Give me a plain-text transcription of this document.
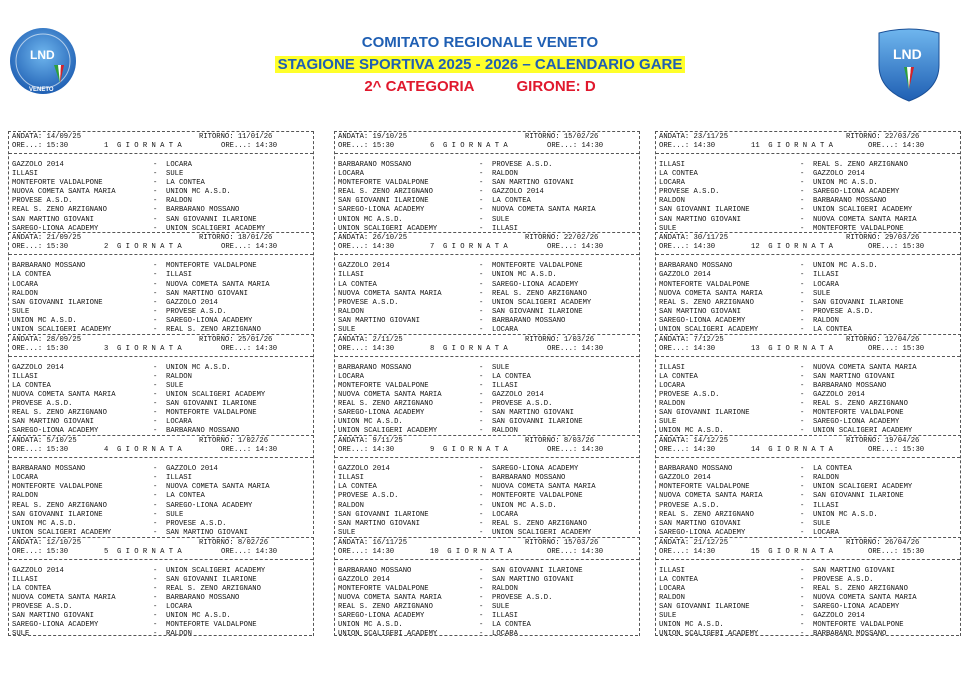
LND
VENETO
LND
COMITATO REGIONALE VENETO
STAGIONE SPORTIVA 2025 - 2026 – CALENDARIO GARE
2^ CATEGORIA	GIRONE: D
ANDATA: 14/09/25	RITORNO: 11/01/26
ORE...: 15:30	1 G I O R N A T A	ORE...: 14:30
GAZZOLO 2014	- LOCARA
ILLASI	- SULE
MONTEFORTE VALDALPONE	- LA CONTEA
NUOVA COMETA SANTA MARIA	- UNION MC A.S.D.
PROVESE A.S.D.	- RALDON
REAL S. ZENO ARZIGNANO	- BARBARANO MOSSANO
SAN MARTINO GIOVANI	- SAN GIOVANNI ILARIONE
SAREGO-LIONA ACADEMY	- UNION SCALIGERI ACADEMY
ANDATA: 21/09/25	RITORNO: 18/01/26
ORE...: 15:30	2 G I O R N A T A	ORE...: 14:30
BARBARANO MOSSANO	- MONTEFORTE VALDALPONE
LA CONTEA	- ILLASI
LOCARA	- NUOVA COMETA SANTA MARIA
RALDON	- SAN MARTINO GIOVANI
SAN GIOVANNI ILARIONE	- GAZZOLO 2014
SULE	- PROVESE A.S.D.
UNION MC A.S.D.	- SAREGO-LIONA ACADEMY
UNION SCALIGERI ACADEMY	- REAL S. ZENO ARZIGNANO
ANDATA: 28/09/25	RITORNO: 25/01/26
ORE...: 15:30	3 G I O R N A T A	ORE...: 14:30
GAZZOLO 2014	- UNION MC A.S.D.
ILLASI	- RALDON
LA CONTEA	- SULE
NUOVA COMETA SANTA MARIA	- UNION SCALIGERI ACADEMY
PROVESE A.S.D.	- SAN GIOVANNI ILARIONE
REAL S. ZENO ARZIGNANO	- MONTEFORTE VALDALPONE
SAN MARTINO GIOVANI	- LOCARA
SAREGO-LIONA ACADEMY	- BARBARANO MOSSANO
ANDATA: 5/10/25	RITORNO: 1/02/26
ORE...: 15:30	4 G I O R N A T A	ORE...: 14:30
BARBARANO MOSSANO	- GAZZOLO 2014
LOCARA	- ILLASI
MONTEFORTE VALDALPONE	- NUOVA COMETA SANTA MARIA
RALDON	- LA CONTEA
REAL S. ZENO ARZIGNANO	- SAREGO-LIONA ACADEMY
SAN GIOVANNI ILARIONE	- SULE
UNION MC A.S.D.	- PROVESE A.S.D.
UNION SCALIGERI ACADEMY	- SAN MARTINO GIOVANI
ANDATA: 12/10/25	RITORNO: 8/02/26
ORE...: 15:30	5 G I O R N A T A	ORE...: 14:30
GAZZOLO 2014	- UNION SCALIGERI ACADEMY
ILLASI	- SAN GIOVANNI ILARIONE
LA CONTEA	- REAL S. ZENO ARZIGNANO
NUOVA COMETA SANTA MARIA	- BARBARANO MOSSANO
PROVESE A.S.D.	- LOCARA
SAN MARTINO GIOVANI	- UNION MC A.S.D.
SAREGO-LIONA ACADEMY	- MONTEFORTE VALDALPONE
SULE	- RALDON
ANDATA: 19/10/25	RITORNO: 15/02/26
ORE...: 15:30	6 G I O R N A T A	ORE...: 14:30
BARBARANO MOSSANO	- PROVESE A.S.D.
LOCARA	- RALDON
MONTEFORTE VALDALPONE	- SAN MARTINO GIOVANI
REAL S. ZENO ARZIGNANO	- GAZZOLO 2014
SAN GIOVANNI ILARIONE	- LA CONTEA
SAREGO-LIONA ACADEMY	- NUOVA COMETA SANTA MARIA
UNION MC A.S.D.	- SULE
UNION SCALIGERI ACADEMY	- ILLASI
ANDATA: 26/10/25	RITORNO: 22/02/26
ORE...: 14:30	7 G I O R N A T A	ORE...: 14:30
GAZZOLO 2014	- MONTEFORTE VALDALPONE
ILLASI	- UNION MC A.S.D.
LA CONTEA	- SAREGO-LIONA ACADEMY
NUOVA COMETA SANTA MARIA	- REAL S. ZENO ARZIGNANO
PROVESE A.S.D.	- UNION SCALIGERI ACADEMY
RALDON	- SAN GIOVANNI ILARIONE
SAN MARTINO GIOVANI	- BARBARANO MOSSANO
SULE	- LOCARA
ANDATA: 2/11/25	RITORNO: 1/03/26
ORE...: 14:30	8 G I O R N A T A	ORE...: 14:30
BARBARANO MOSSANO	- SULE
LOCARA	- LA CONTEA
MONTEFORTE VALDALPONE	- ILLASI
NUOVA COMETA SANTA MARIA	- GAZZOLO 2014
REAL S. ZENO ARZIGNANO	- PROVESE A.S.D.
SAREGO-LIONA ACADEMY	- SAN MARTINO GIOVANI
UNION MC A.S.D.	- SAN GIOVANNI ILARIONE
UNION SCALIGERI ACADEMY	- RALDON
ANDATA: 9/11/25	RITORNO: 8/03/26
ORE...: 14:30	9 G I O R N A T A	ORE...: 14:30
GAZZOLO 2014	- SAREGO-LIONA ACADEMY
ILLASI	- BARBARANO MOSSANO
LA CONTEA	- NUOVA COMETA SANTA MARIA
PROVESE A.S.D.	- MONTEFORTE VALDALPONE
RALDON	- UNION MC A.S.D.
SAN GIOVANNI ILARIONE	- LOCARA
SAN MARTINO GIOVANI	- REAL S. ZENO ARZIGNANO
SULE	- UNION SCALIGERI ACADEMY
ANDATA: 16/11/25	RITORNO: 15/03/26
ORE...: 14:30	10 G I O R N A T A	ORE...: 14:30
BARBARANO MOSSANO	- SAN GIOVANNI ILARIONE
GAZZOLO 2014	- SAN MARTINO GIOVANI
MONTEFORTE VALDALPONE	- RALDON
NUOVA COMETA SANTA MARIA	- PROVESE A.S.D.
REAL S. ZENO ARZIGNANO	- SULE
SAREGO-LIONA ACADEMY	- ILLASI
UNION MC A.S.D.	- LA CONTEA
UNION SCALIGERI ACADEMY	- LOCARA
ANDATA: 23/11/25	RITORNO: 22/03/26
ORE...: 14:30	11 G I O R N A T A	ORE...: 14:30
ILLASI	- REAL S. ZENO ARZIGNANO
LA CONTEA	- GAZZOLO 2014
LOCARA	- UNION MC A.S.D.
PROVESE A.S.D.	- SAREGO-LIONA ACADEMY
RALDON	- BARBARANO MOSSANO
SAN GIOVANNI ILARIONE	- UNION SCALIGERI ACADEMY
SAN MARTINO GIOVANI	- NUOVA COMETA SANTA MARIA
SULE	- MONTEFORTE VALDALPONE
ANDATA: 30/11/25	RITORNO: 29/03/26
ORE...: 14:30	12 G I O R N A T A	ORE...: 15:30
BARBARANO MOSSANO	- UNION MC A.S.D.
GAZZOLO 2014	- ILLASI
MONTEFORTE VALDALPONE	- LOCARA
NUOVA COMETA SANTA MARIA	- SULE
REAL S. ZENO ARZIGNANO	- SAN GIOVANNI ILARIONE
SAN MARTINO GIOVANI	- PROVESE A.S.D.
SAREGO-LIONA ACADEMY	- RALDON
UNION SCALIGERI ACADEMY	- LA CONTEA
ANDATA: 7/12/25	RITORNO: 12/04/26
ORE...: 14:30	13 G I O R N A T A	ORE...: 15:30
ILLASI	- NUOVA COMETA SANTA MARIA
LA CONTEA	- SAN MARTINO GIOVANI
LOCARA	- BARBARANO MOSSANO
PROVESE A.S.D.	- GAZZOLO 2014
RALDON	- REAL S. ZENO ARZIGNANO
SAN GIOVANNI ILARIONE	- MONTEFORTE VALDALPONE
SULE	- SAREGO-LIONA ACADEMY
UNION MC A.S.D.	- UNION SCALIGERI ACADEMY
ANDATA: 14/12/25	RITORNO: 19/04/26
ORE...: 14:30	14 G I O R N A T A	ORE...: 15:30
BARBARANO MOSSANO	- LA CONTEA
GAZZOLO 2014	- RALDON
MONTEFORTE VALDALPONE	- UNION SCALIGERI ACADEMY
NUOVA COMETA SANTA MARIA	- SAN GIOVANNI ILARIONE
PROVESE A.S.D.	- ILLASI
REAL S. ZENO ARZIGNANO	- UNION MC A.S.D.
SAN MARTINO GIOVANI	- SULE
SAREGO-LIONA ACADEMY	- LOCARA
ANDATA: 21/12/25	RITORNO: 26/04/26
ORE...: 14:30	15 G I O R N A T A	ORE...: 15:30
ILLASI	- SAN MARTINO GIOVANI
LA CONTEA	- PROVESE A.S.D.
LOCARA	- REAL S. ZENO ARZIGNANO
RALDON	- NUOVA COMETA SANTA MARIA
SAN GIOVANNI ILARIONE	- SAREGO-LIONA ACADEMY
SULE	- GAZZOLO 2014
UNION MC A.S.D.	- MONTEFORTE VALDALPONE
UNION SCALIGERI ACADEMY	- BARBARANO MOSSANO
